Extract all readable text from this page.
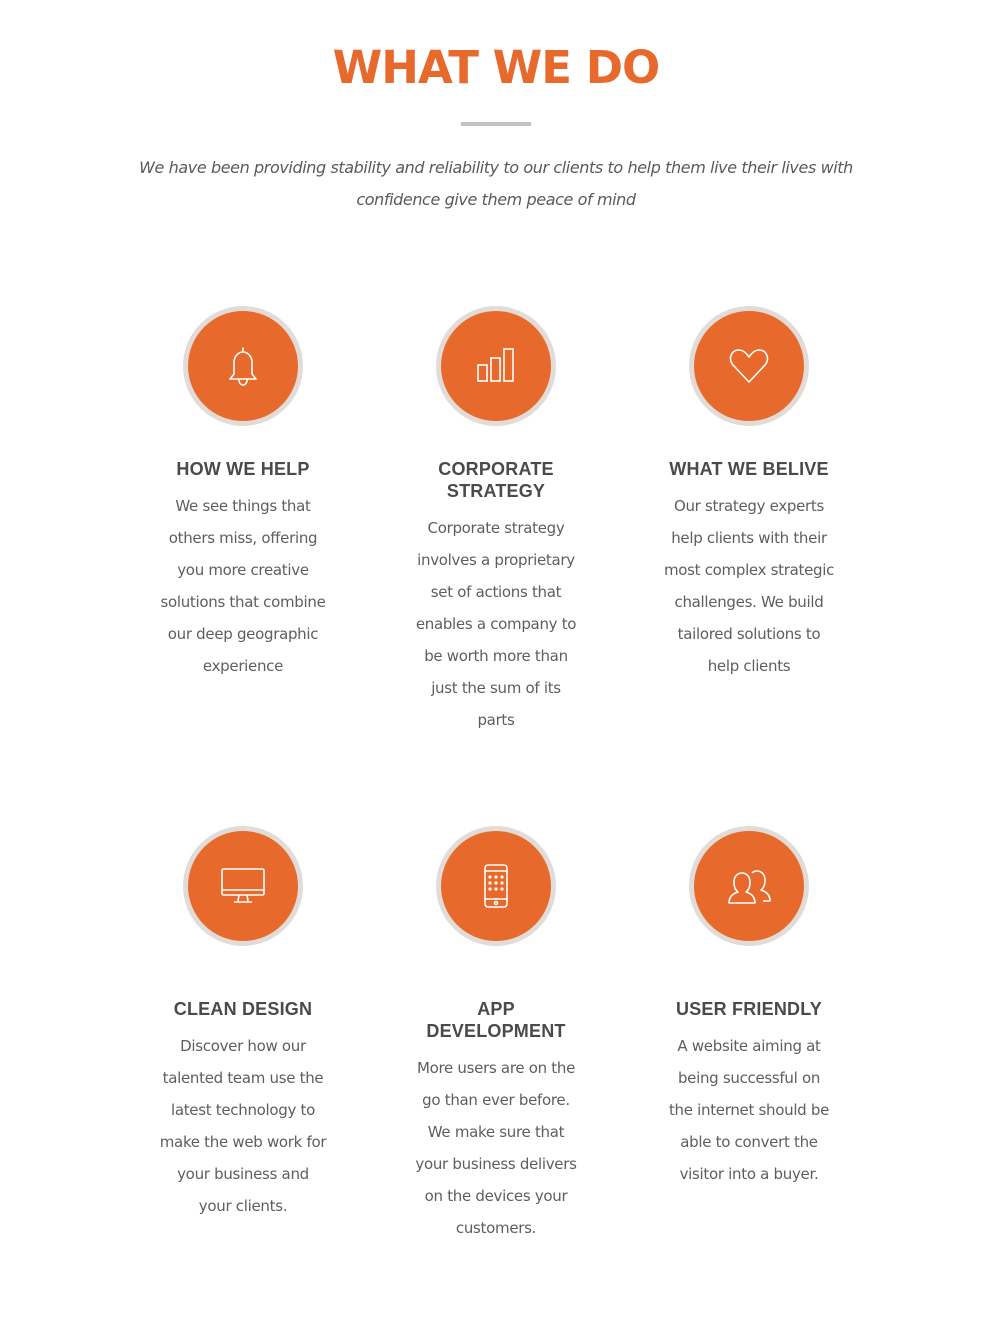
WHAT WE DO

We have been providing stability and reliability to our clients to help them live their lives with confidence give them peace of mind

HOW WE HELP

We see things that

others miss, offering

you more creative

solutions that combine

our deep geographic

experience

CORPORATE
STRATEGY

Corporate strategy

involves a proprietary

set of actions that

enables a company to

be worth more than

just the sum of its

parts

WHAT WE BELIVE

Our strategy experts

help clients with their

most complex strategic

challenges. We build

tailored solutions to

help clients

CLEAN DESIGN

Discover how our

talented team use the

latest technology to

make the web work for

your business and

your clients.

APP
DEVELOPMENT

More users are on the

go than ever before.

We make sure that

your business delivers

on the devices your

customers.

USER FRIENDLY

A website aiming at

being successful on

the internet should be

able to convert the

visitor into a buyer.
